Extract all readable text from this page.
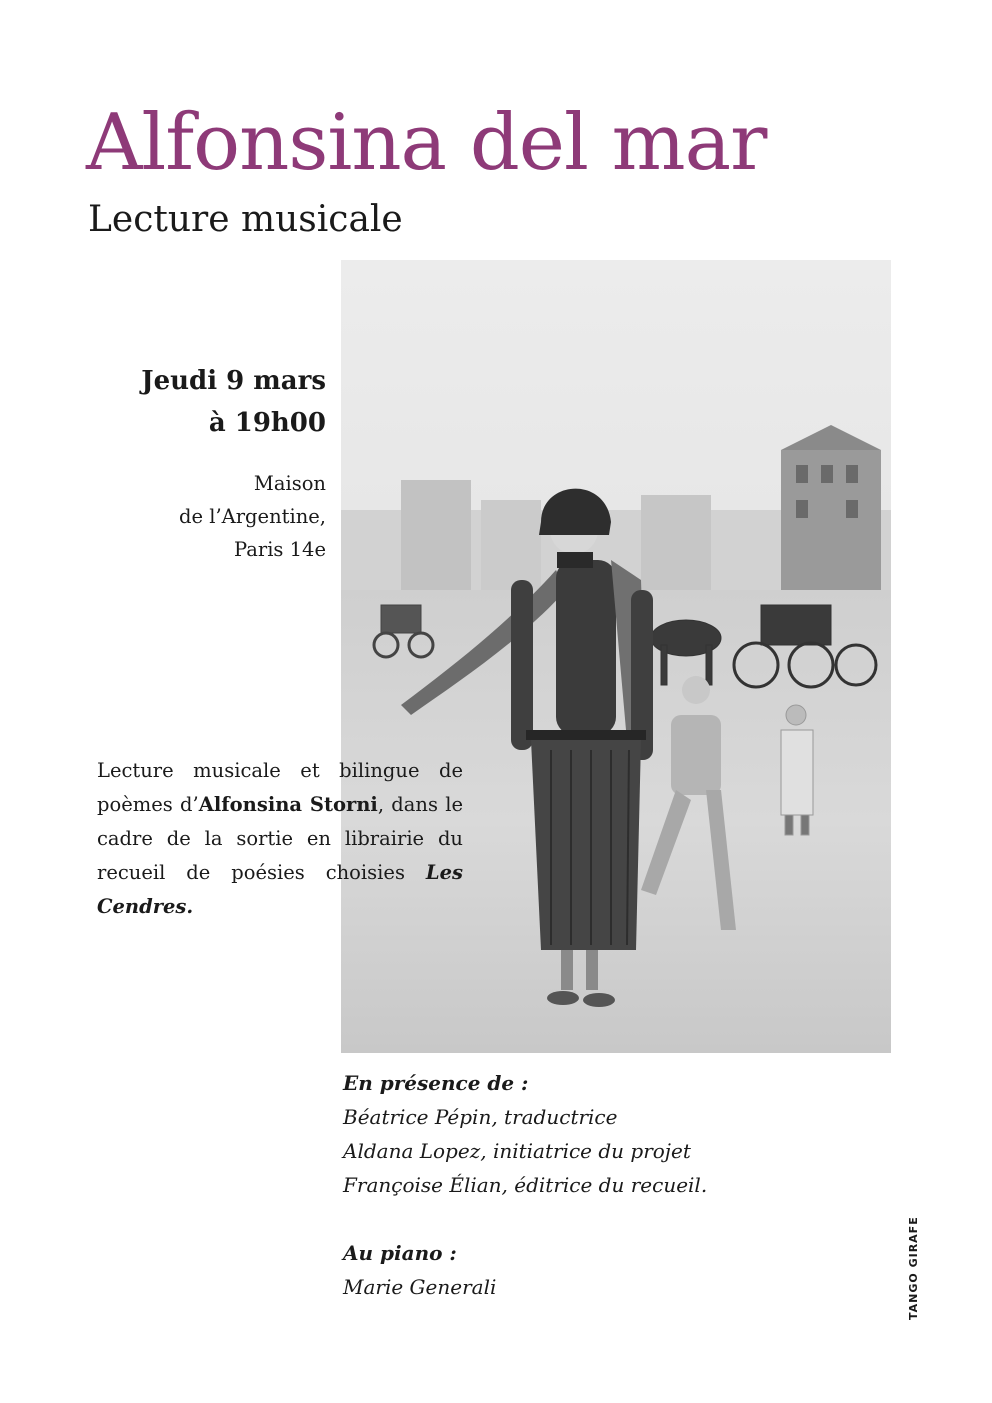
Alfonsina del mar
Lecture musicale
Jeudi 9 mars
à 19h00
Maison
de l’Argentine,
Paris 14e

Lecture musicale et bilingue de poèmes d’Alfonsina Storni, dans le cadre de la sortie en librairie du recueil de poésies choisies Les Cendres.

En présence de :
Béatrice Pépin, traductrice
Aldana Lopez, initiatrice du projet
Françoise Élian, éditrice du recueil.
Au piano :
Marie Generali	TANGO GIRAFE
